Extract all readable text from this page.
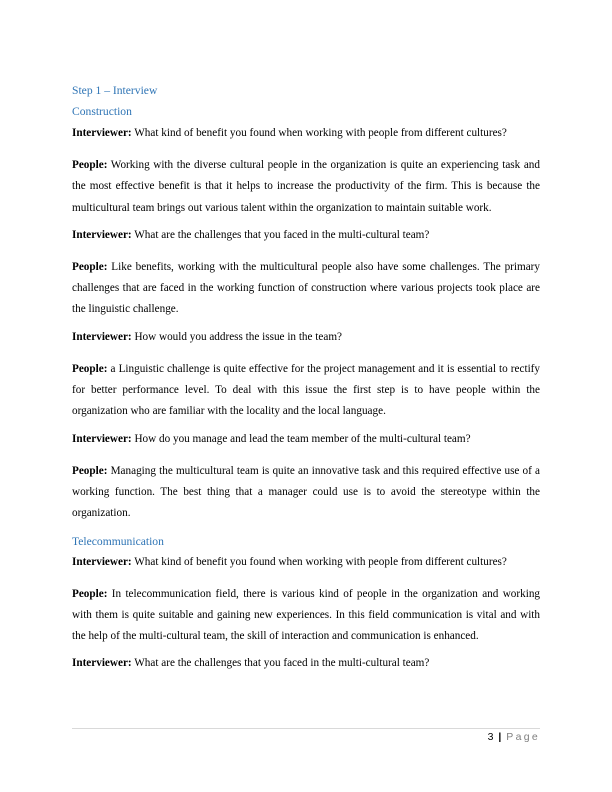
Step 1 – Interview
Construction

Interviewer: What kind of benefit you found when working with people from different cultures?

People: Working with the diverse cultural people in the organization is quite an experiencing task and the most effective benefit is that it helps to increase the productivity of the firm. This is because the multicultural team brings out various talent within the organization to maintain suitable work.

Interviewer: What are the challenges that you faced in the multi-cultural team?

People: Like benefits, working with the multicultural people also have some challenges. The primary challenges that are faced in the working function of construction where various projects took place are the linguistic challenge.

Interviewer: How would you address the issue in the team?

People: a Linguistic challenge is quite effective for the project management and it is essential to rectify for better performance level. To deal with this issue the first step is to have people within the organization who are familiar with the locality and the local language.

Interviewer: How do you manage and lead the team member of the multi-cultural team?

People: Managing the multicultural team is quite an innovative task and this required effective use of a working function. The best thing that a manager could use is to avoid the stereotype within the organization.

Telecommunication

Interviewer: What kind of benefit you found when working with people from different cultures?

People: In telecommunication field, there is various kind of people in the organization and working with them is quite suitable and gaining new experiences. In this field communication is vital and with the help of the multi-cultural team, the skill of interaction and communication is enhanced.

Interviewer: What are the challenges that you faced in the multi-cultural team?

3 | Page
